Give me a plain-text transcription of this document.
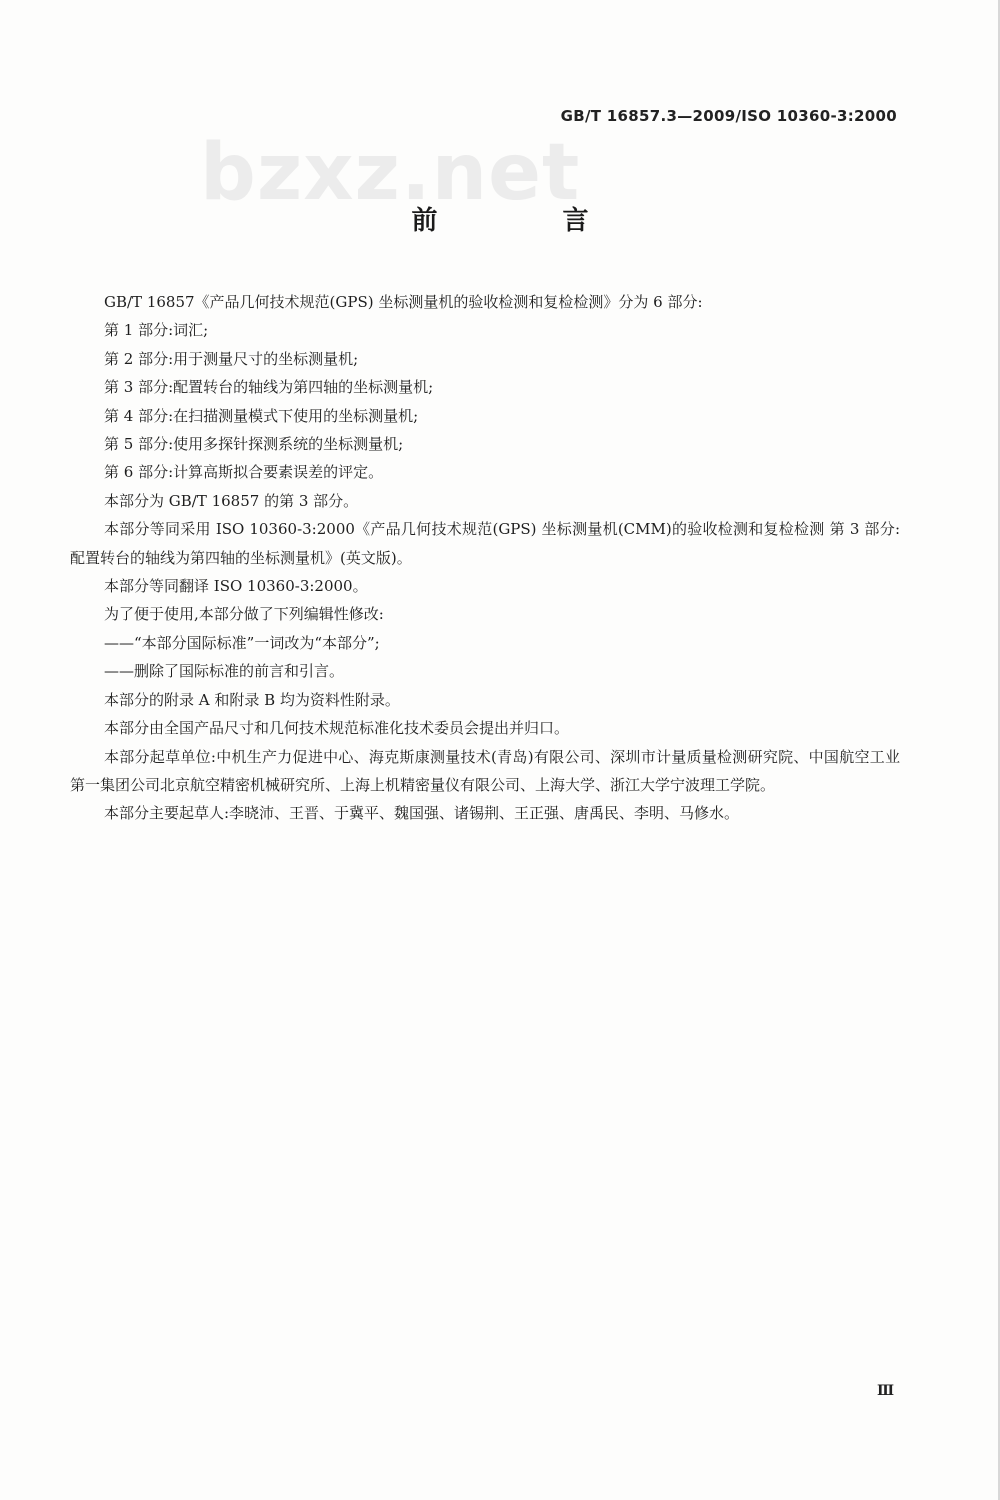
GB/T 16857.3—2009/ISO 10360-3:2000
bzxz.net
前 言

GB/T 16857《产品几何技术规范(GPS) 坐标测量机的验收检测和复检检测》分为 6 部分:

第 1 部分:词汇;

第 2 部分:用于测量尺寸的坐标测量机;

第 3 部分:配置转台的轴线为第四轴的坐标测量机;

第 4 部分:在扫描测量模式下使用的坐标测量机;

第 5 部分:使用多探针探测系统的坐标测量机;

第 6 部分:计算高斯拟合要素误差的评定。

本部分为 GB/T 16857 的第 3 部分。

本部分等同采用 ISO 10360-3:2000《产品几何技术规范(GPS) 坐标测量机(CMM)的验收检测和复检检测 第 3 部分:配置转台的轴线为第四轴的坐标测量机》(英文版)。

本部分等同翻译 ISO 10360-3:2000。

为了便于使用,本部分做了下列编辑性修改:

——“本部分国际标准”一词改为“本部分”;

——删除了国际标准的前言和引言。

本部分的附录 A 和附录 B 均为资料性附录。

本部分由全国产品尺寸和几何技术规范标准化技术委员会提出并归口。

本部分起草单位:中机生产力促进中心、海克斯康测量技术(青岛)有限公司、深圳市计量质量检测研究院、中国航空工业第一集团公司北京航空精密机械研究所、上海上机精密量仪有限公司、上海大学、浙江大学宁波理工学院。

本部分主要起草人:李晓沛、王晋、于冀平、魏国强、诸锡荆、王正强、唐禹民、李明、马修水。

Ⅲ
